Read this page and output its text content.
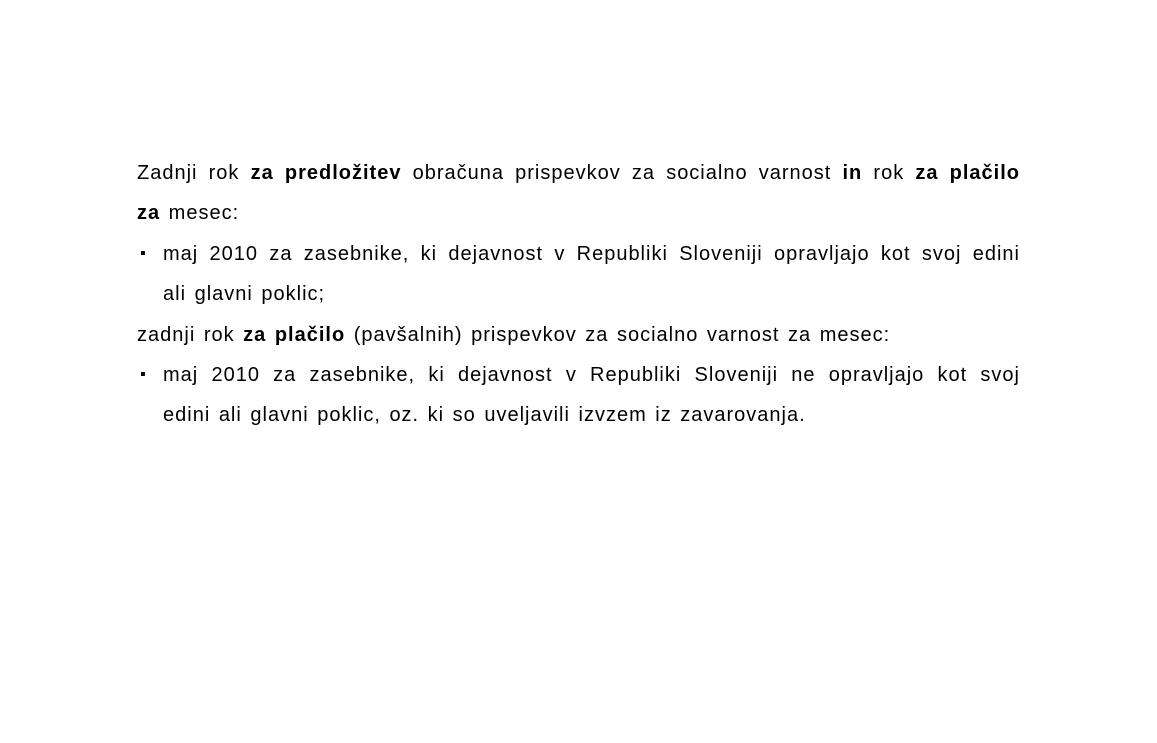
Zadnji rok za predložitev obračuna prispevkov za socialno varnost in rok za plačilo
za mesec:
▪ maj 2010 za zasebnike, ki dejavnost v Republiki Sloveniji opravljajo kot svoj edini
ali glavni poklic;
zadnji rok za plačilo (pavšalnih) prispevkov za socialno varnost za mesec:
▪ maj 2010 za zasebnike, ki dejavnost v Republiki Sloveniji ne opravljajo kot svoj
edini ali glavni poklic, oz. ki so uveljavili izvzem iz zavarovanja.
